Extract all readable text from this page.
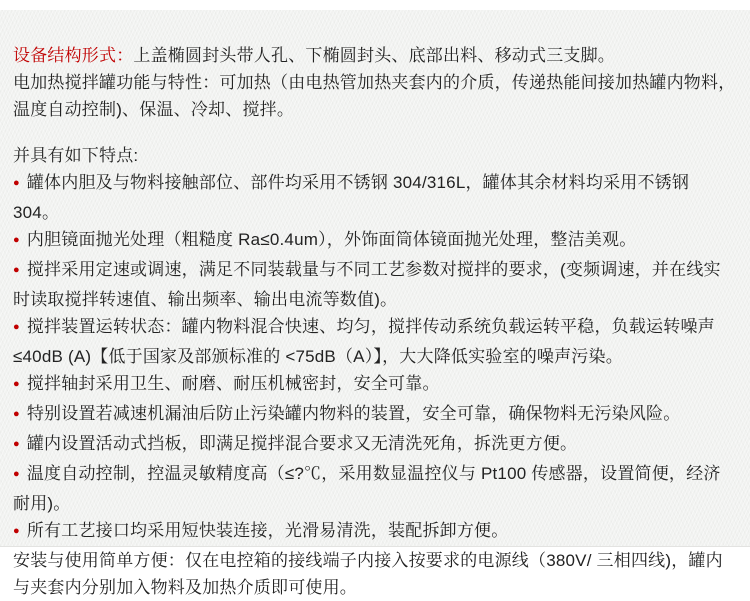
设备结构形式：上盖椭圆封头带人孔、下椭圆封头、底部出料、移动式三支脚。

电加热搅拌罐功能与特性：可加热（由电热管加热夹套内的介质，传递热能间接加热罐内物料，温度自动控制)、保温、冷却、搅拌。

并具有如下特点:

● 罐体内胆及与物料接触部位、部件均采用不锈钢 304/316L，罐体其余材料均采用不锈钢 304。

● 内胆镜面抛光处理（粗糙度 Ra≤0.4um），外饰面筒体镜面抛光处理，整洁美观。

● 搅拌采用定速或调速，满足不同装载量与不同工艺参数对搅拌的要求，(变频调速，并在线实时读取搅拌转速值、输出频率、输出电流等数值)。

● 搅拌装置运转状态：罐内物料混合快速、均匀，搅拌传动系统负载运转平稳，负载运转噪声≤40dB (A)【低于国家及部颁标准的 <75dB（A）】，大大降低实验室的噪声污染。

● 搅拌轴封采用卫生、耐磨、耐压机械密封，安全可靠。

● 特别设置若减速机漏油后防止污染罐内物料的装置，安全可靠，确保物料无污染风险。

● 罐内设置活动式挡板，即满足搅拌混合要求又无清洗死角，拆洗更方便。

● 温度自动控制，控温灵敏精度高（≤?℃，采用数显温控仪与 Pt100 传感器，设置简便，经济耐用)。

● 所有工艺接口均采用短快装连接，光滑易清洗，装配拆卸方便。

安装与使用简单方便：仅在电控箱的接线端子内接入按要求的电源线（380V/ 三相四线)，罐内与夹套内分别加入物料及加热介质即可使用。
